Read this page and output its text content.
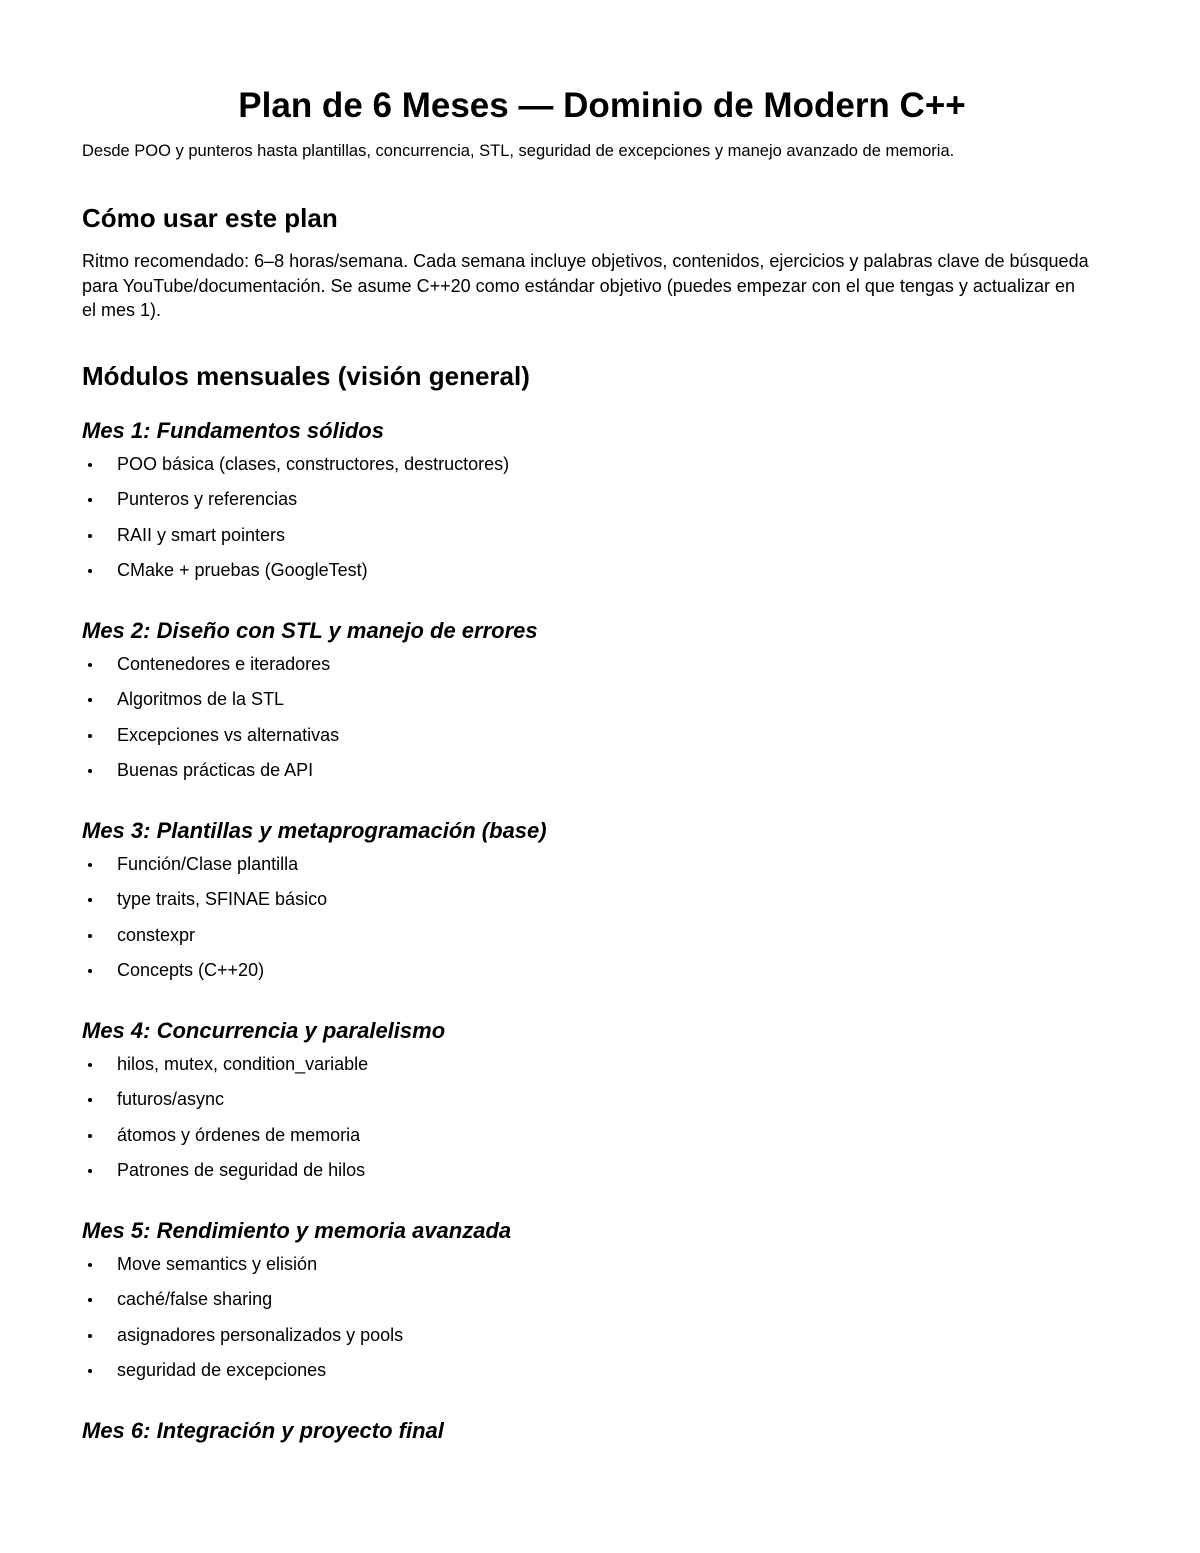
Plan de 6 Meses — Dominio de Modern C++

Desde POO y punteros hasta plantillas, concurrencia, STL, seguridad de excepciones y manejo avanzado de memoria.

Cómo usar este plan

Ritmo recomendado: 6–8 horas/semana. Cada semana incluye objetivos, contenidos, ejercicios y palabras clave de búsqueda para YouTube/documentación. Se asume C++20 como estándar objetivo (puedes empezar con el que tengas y actualizar en el mes 1).

Módulos mensuales (visión general)
Mes 1: Fundamentos sólidos
POO básica (clases, constructores, destructores)
Punteros y referencias
RAII y smart pointers
CMake + pruebas (GoogleTest)
Mes 2: Diseño con STL y manejo de errores
Contenedores e iteradores
Algoritmos de la STL
Excepciones vs alternativas
Buenas prácticas de API
Mes 3: Plantillas y metaprogramación (base)
Función/Clase plantilla
type traits, SFINAE básico
constexpr
Concepts (C++20)
Mes 4: Concurrencia y paralelismo
hilos, mutex, condition_variable
futuros/async
átomos y órdenes de memoria
Patrones de seguridad de hilos
Mes 5: Rendimiento y memoria avanzada
Move semantics y elisión
caché/false sharing
asignadores personalizados y pools
seguridad de excepciones
Mes 6: Integración y proyecto final
